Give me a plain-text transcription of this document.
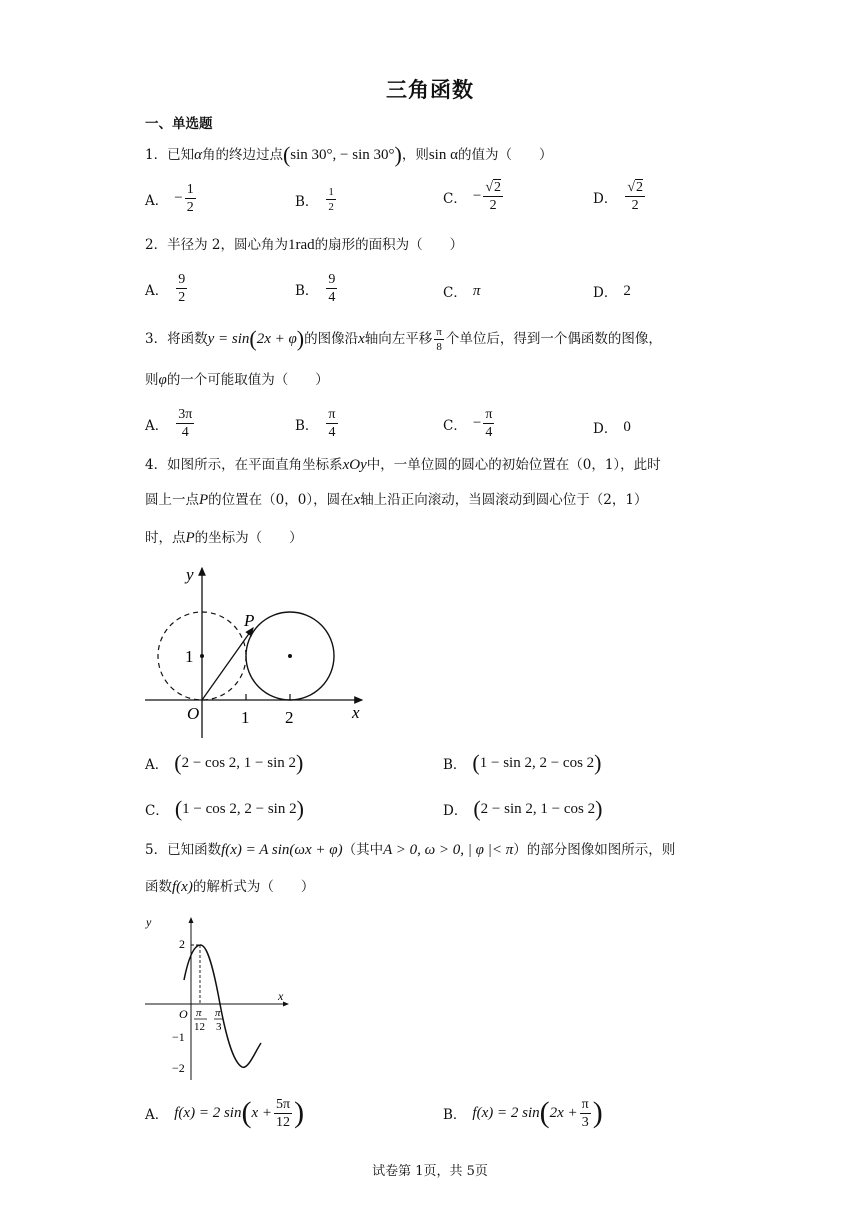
三角函数
一、单选题
1．已知α角的终边过点(sin 30°, − sin 30°)，则sin α的值为（　　）
A． − $\frac{1}{2}$	B． $\frac{1}{2}$	C． − $\frac{√2}{2}$	D． $\frac{√2}{2}$
2．半径为 2，圆心角为1rad的扇形的面积为（　　）
A． $\frac{9}{2}$	B． $\frac{9}{4}$	C． π	D． 2
3．将函数y = sin(2x + φ)的图像沿x轴向左平移 $\frac{\pi}{8}$ 个单位后，得到一个偶函数的图像，
则φ的一个可能取值为（　　）
A． $\frac{3\pi}{4}$	B． $\frac{\pi}{4}$	C． − $\frac{\pi}{4}$	D． 0
4．如图所示，在平面直角坐标系xOy中，一单位圆的圆心的初始位置在（0，1），此时
圆上一点P的位置在（0，0），圆在x轴上沿正向滚动，当圆滚动到圆心位于（2，1）
时，点P的坐标为（　　）
y
x
O 1 2
1
P
A． ( 2 − cos 2, 1 − sin 2 )	B． ( 1 − sin 2, 2 − cos 2 )
C． ( 1 − cos 2, 2 − sin 2 )	D． ( 2 − sin 2, 1 − cos 2 )
5．已知函数f(x) = A sin(ωx + φ)（其中A > 0, ω > 0, | φ |< π）的部分图像如图所示，则
函数f(x)的解析式为（　　）
y
x
2
O
−1
−2
π
12
π
3
A． f(x) = 2 sin ( $x + \frac{5\pi}{12}$ )	B． f(x) = 2 sin ( $2x + \frac{\pi}{3}$ )
试卷第 1页，共 5页
